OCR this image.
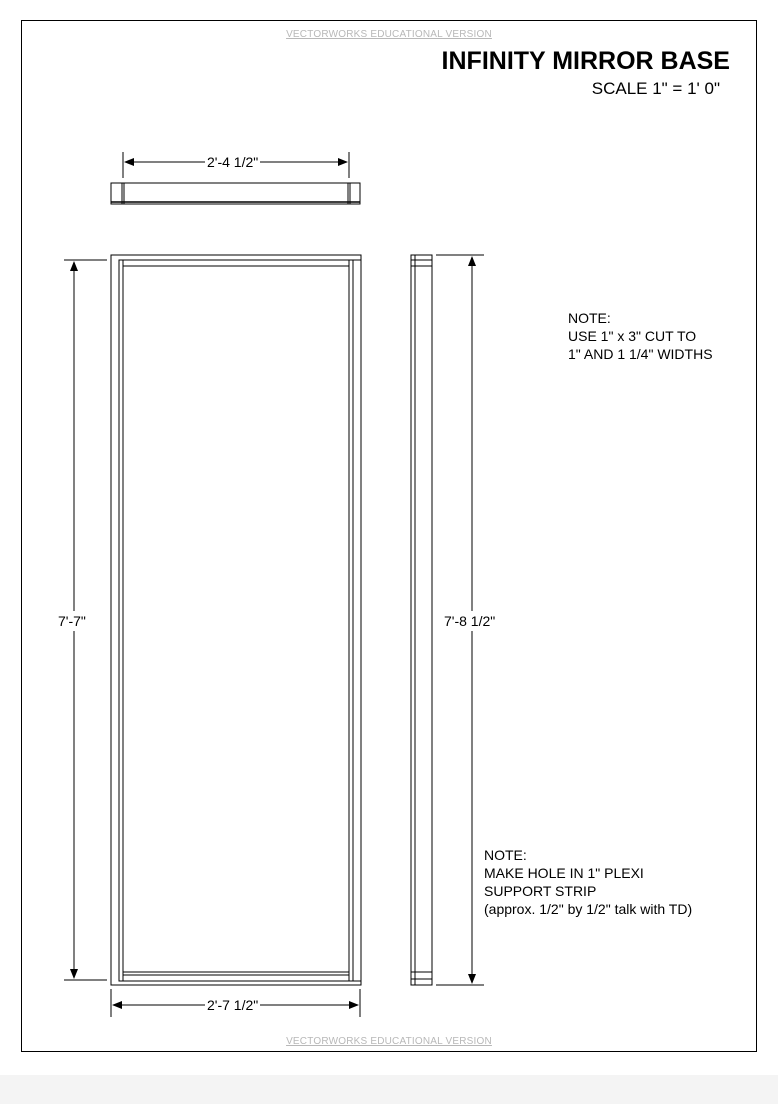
VECTORWORKS EDUCATIONAL VERSION
VECTORWORKS EDUCATIONAL VERSION
INFINITY MIRROR BASE
SCALE 1" = 1' 0"
2'-4 1/2"
7'-7"	7'-8 1/2"
2'-7 1/2"
NOTE:
USE 1" x 3" CUT TO
1" AND 1 1/4" WIDTHS
NOTE:
MAKE HOLE IN 1" PLEXI
SUPPORT STRIP
(approx. 1/2" by 1/2" talk with TD)
